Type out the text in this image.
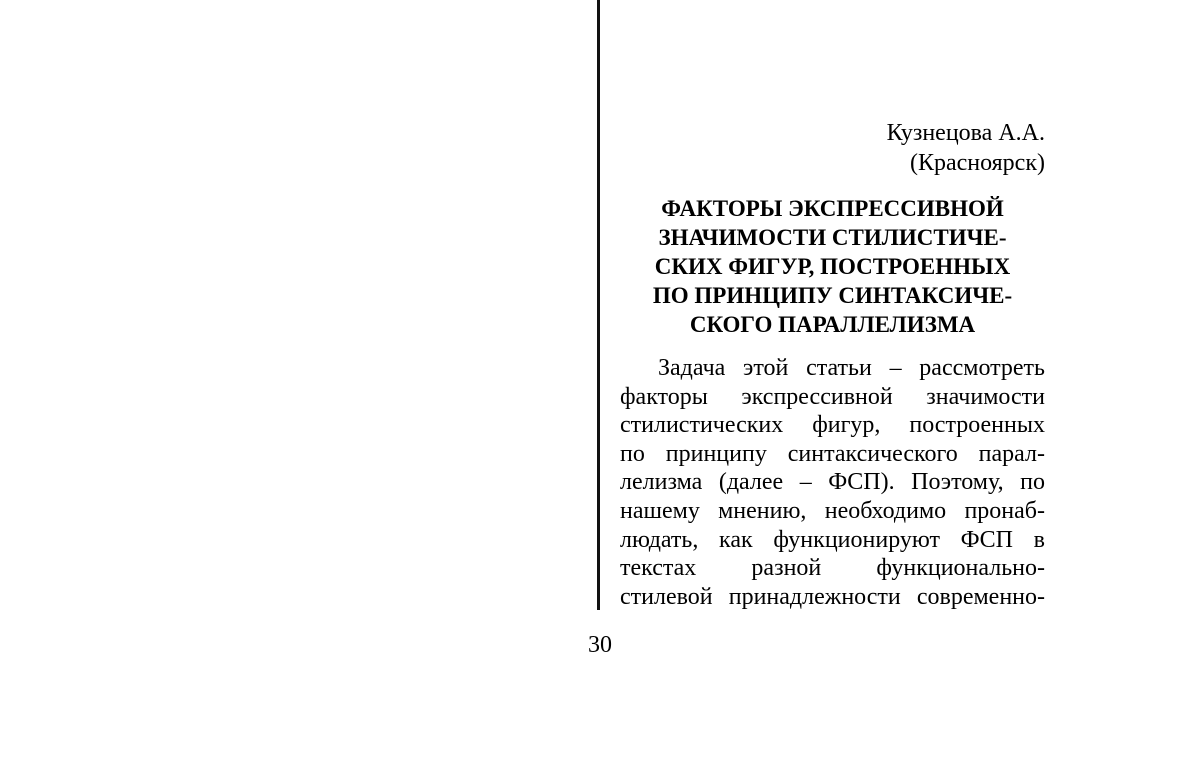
Кузнецова А.А.
(Красноярск)
ФАКТОРЫ ЭКСПРЕССИВНОЙ
ЗНАЧИМОСТИ СТИЛИСТИЧЕ-
СКИХ ФИГУР, ПОСТРОЕННЫХ
ПО ПРИНЦИПУ СИНТАКСИЧЕ-
СКОГО ПАРАЛЛЕЛИЗМА
Задача этой статьи – рассмотреть
факторы экспрессивной значимости
стилистических фигур, построенных
по принципу синтаксического парал-
лелизма (далее – ФСП). Поэтому, по
нашему мнению, необходимо пронаб-
людать, как функционируют ФСП в
текстах разной функционально-
стилевой принадлежности современно-
30
